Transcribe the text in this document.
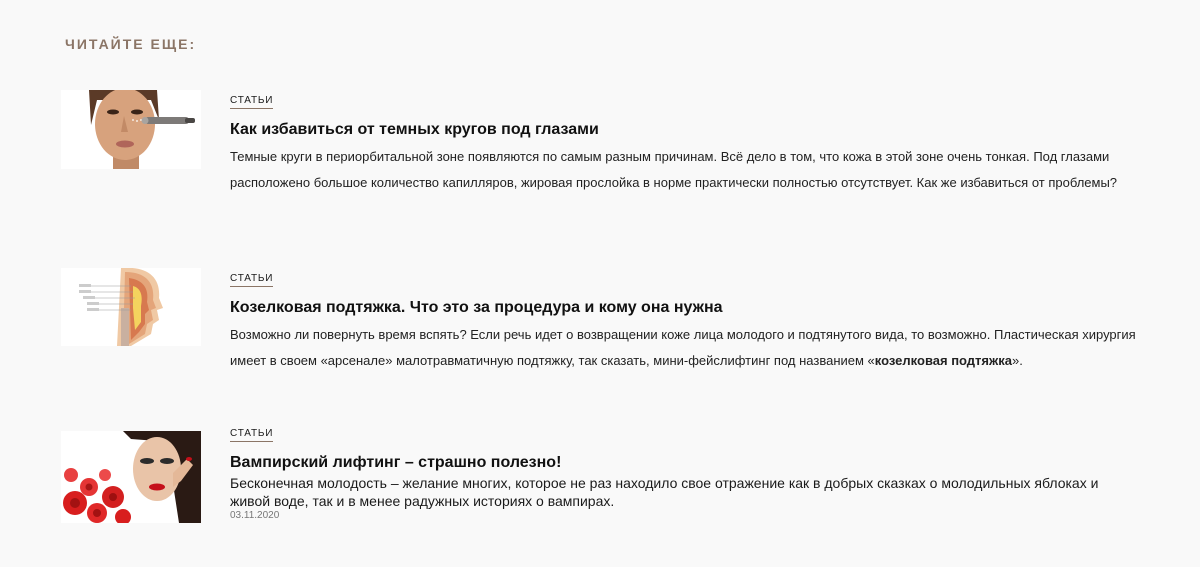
ЧИТАЙТЕ ЕЩЕ:
СТАТЬИ
Как избавиться от темных кругов под глазами

Темные круги в периорбитальной зоне появляются по самым разным причинам. Всё дело в том, что кожа в этой зоне очень тонкая. Под глазами расположено большое количество капилляров, жировая прослойка в норме практически полностью отсутствует. Как же избавиться от проблемы?

СТАТЬИ
Козелковая подтяжка. Что это за процедура и кому она нужна

Возможно ли повернуть время вспять? Если речь идет о возвращении коже лица молодого и подтянутого вида, то возможно. Пластическая хирургия имеет в своем «арсенале» малотравматичную подтяжку, так сказать, мини-фейслифтинг под названием «козелковая подтяжка».

СТАТЬИ
Вампирский лифтинг – страшно полезно!

Бесконечная молодость – желание многих, которое не раз находило свое отражение как в добрых сказках о молодильных яблоках и живой воде, так и в менее радужных историях о вампирах.

03.11.2020
